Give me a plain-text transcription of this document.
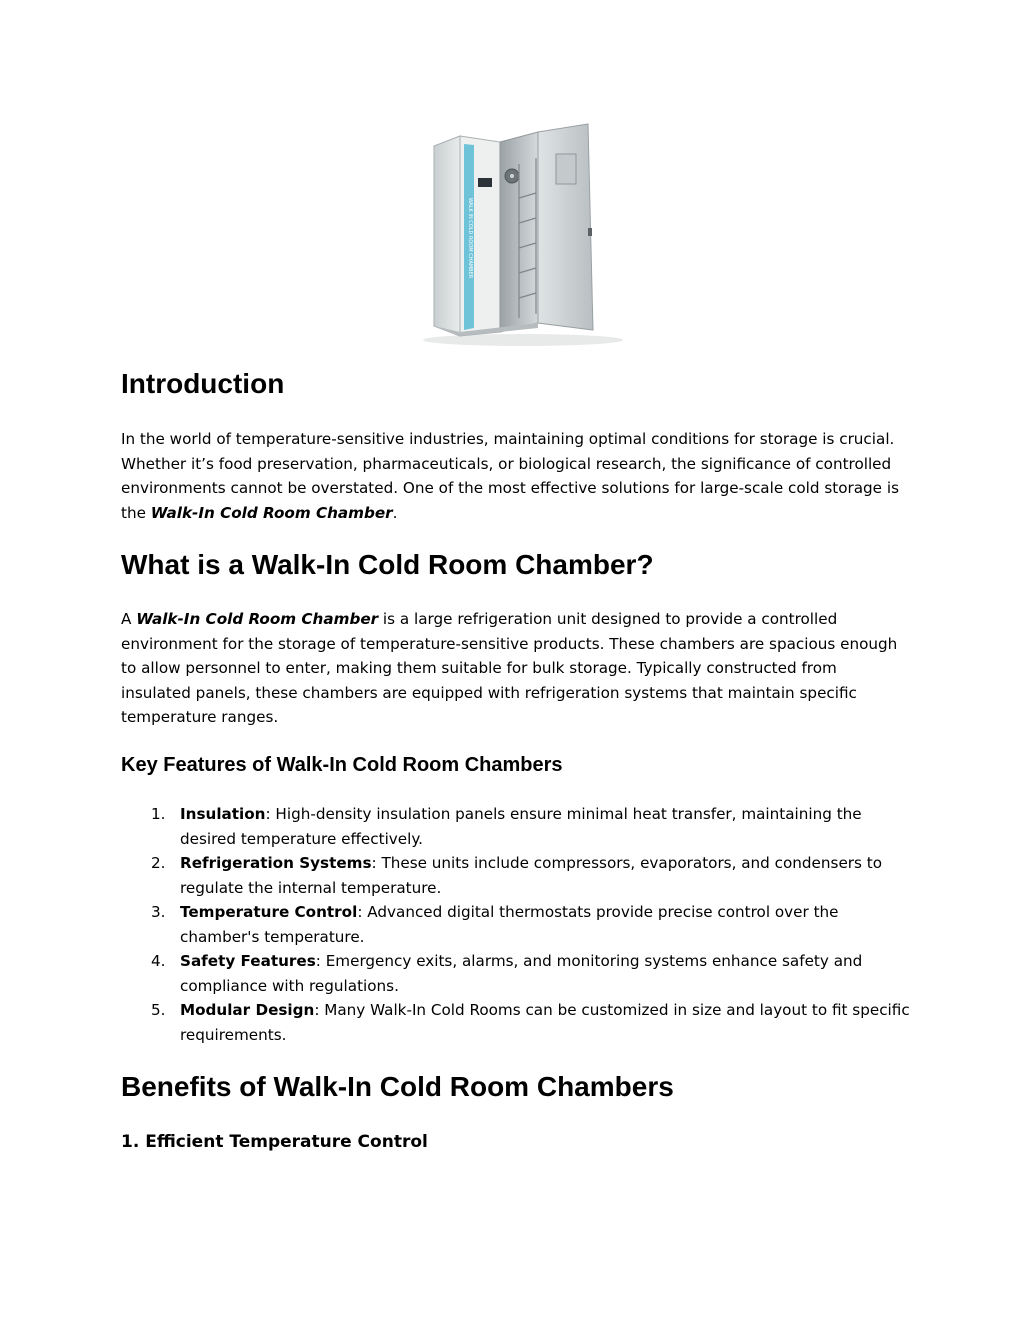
WALK IN COLD ROOM CHAMBER
Introduction

In the world of temperature-sensitive industries, maintaining optimal conditions for storage is crucial. Whether it’s food preservation, pharmaceuticals, or biological research, the significance of controlled environments cannot be overstated. One of the most effective solutions for large-scale cold storage is the Walk-In Cold Room Chamber.

What is a Walk-In Cold Room Chamber?

A Walk-In Cold Room Chamber is a large refrigeration unit designed to provide a controlled environment for the storage of temperature-sensitive products. These chambers are spacious enough to allow personnel to enter, making them suitable for bulk storage. Typically constructed from insulated panels, these chambers are equipped with refrigeration systems that maintain specific temperature ranges.

Key Features of Walk-In Cold Room Chambers
1. Insulation: High-density insulation panels ensure minimal heat transfer, maintaining the desired temperature effectively.
2. Refrigeration Systems: These units include compressors, evaporators, and condensers to regulate the internal temperature.
3. Temperature Control: Advanced digital thermostats provide precise control over the chamber's temperature.
4. Safety Features: Emergency exits, alarms, and monitoring systems enhance safety and compliance with regulations.
5. Modular Design: Many Walk-In Cold Rooms can be customized in size and layout to fit specific requirements.
Benefits of Walk-In Cold Room Chambers
1. Efficient Temperature Control
